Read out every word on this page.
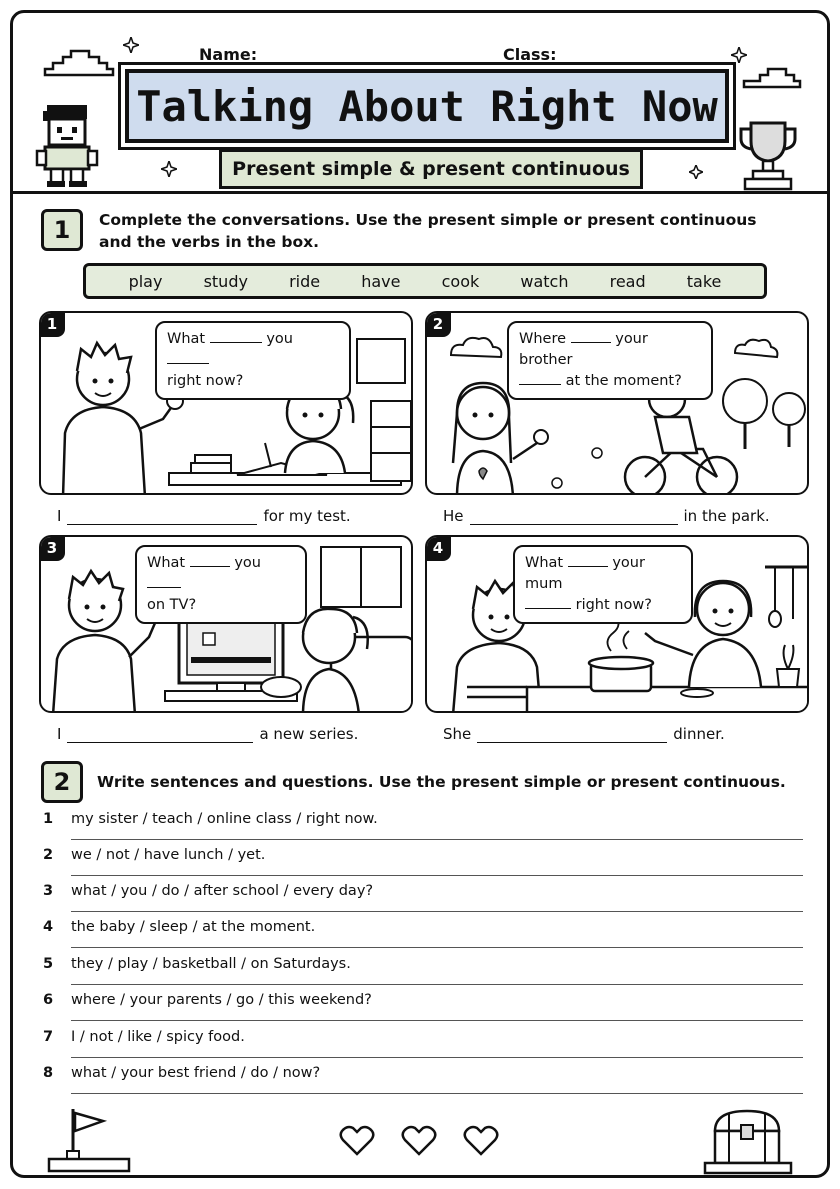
Name:	Class:
Talking About Right Now
Present simple & present continuous
1	Complete the conversations. Use the present simple or present continuous
and the verbs in the box.
play	study	ride	have	cook	watch	read	take
1
What	you
right now?
2
Where	your brother
at the moment?
I	for my test.	He	in the park.
3
What	you
on TV?
4
What	your mum
right now?
I	a new series.	She	dinner.
2	Write sentences and questions. Use the present simple or present continuous.
1 my sister / teach / online class / right now.
2 we / not / have lunch / yet.
3 what / you / do / after school / every day?
4 the baby / sleep / at the moment.
5 they / play / basketball / on Saturdays.
6 where / your parents / go / this weekend?
7 I / not / like / spicy food.
8 what / your best friend / do / now?
